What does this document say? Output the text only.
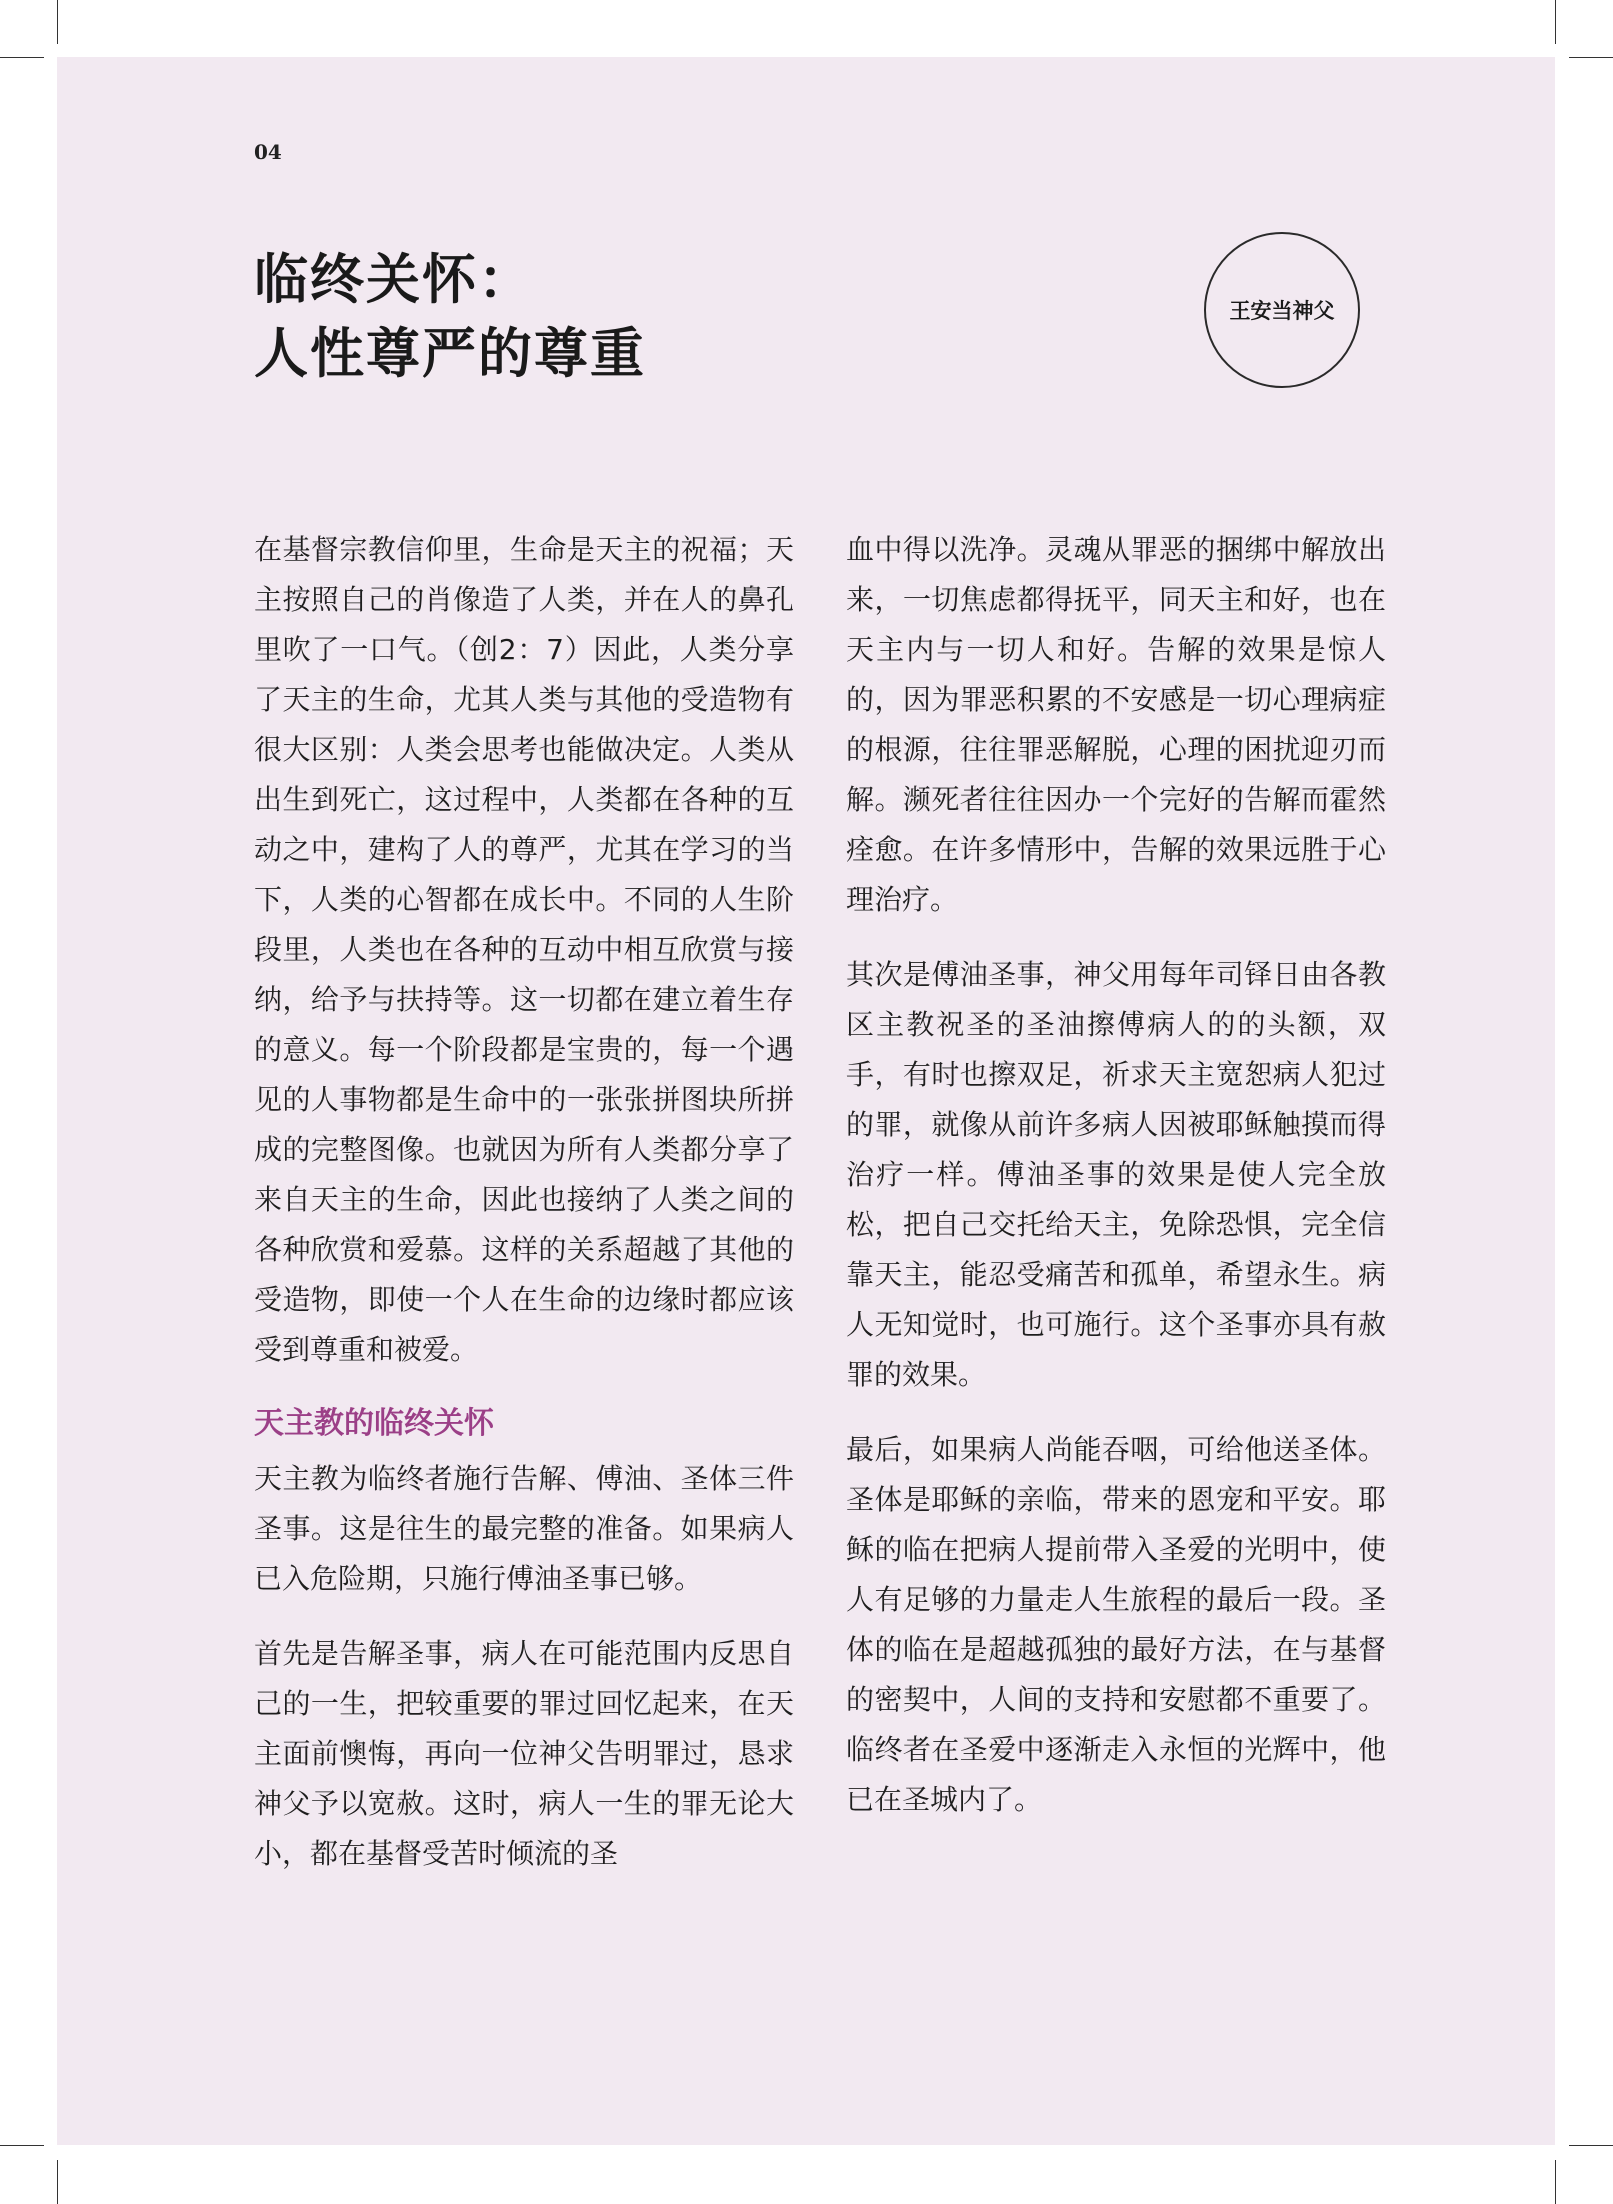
04
临终关怀：
人性尊严的尊重
王安当神父

在基督宗教信仰里，生命是天主的祝福；天主按照自己的肖像造了人类，并在人的鼻孔里吹了一口气。（创2：7）因此，人类分享了天主的生命，尤其人类与其他的受造物有很大区别：人类会思考也能做决定。人类从出生到死亡，这过程中，人类都在各种的互动之中，建构了人的尊严，尤其在学习的当下，人类的心智都在成长中。不同的人生阶段里，人类也在各种的互动中相互欣赏与接纳，给予与扶持等。这一切都在建立着生存的意义。每一个阶段都是宝贵的，每一个遇见的人事物都是生命中的一张张拼图块所拼成的完整图像。也就因为所有人类都分享了来自天主的生命，因此也接纳了人类之间的各种欣赏和爱慕。这样的关系超越了其他的受造物，即使一个人在生命的边缘时都应该受到尊重和被爱。

天主教的临终关怀

天主教为临终者施行告解、傅油、圣体三件圣事。这是往生的最完整的准备。如果病人已入危险期，只施行傅油圣事已够。

首先是告解圣事，病人在可能范围内反思自己的一生，把较重要的罪过回忆起来，在天主面前懊悔，再向一位神父告明罪过，恳求神父予以宽赦。这时，病人一生的罪无论大小，都在基督受苦时倾流的圣

血中得以洗净。灵魂从罪恶的捆绑中解放出来，一切焦虑都得抚平，同天主和好，也在天主内与一切人和好。告解的效果是惊人的，因为罪恶积累的不安感是一切心理病症的根源，往往罪恶解脱，心理的困扰迎刃而解。濒死者往往因办一个完好的告解而霍然痊愈。在许多情形中，告解的效果远胜于心理治疗。

其次是傅油圣事，神父用每年司铎日由各教区主教祝圣的圣油擦傅病人的的头额，双手，有时也擦双足，祈求天主宽恕病人犯过的罪，就像从前许多病人因被耶稣触摸而得治疗一样。傅油圣事的效果是使人完全放松，把自己交托给天主，免除恐惧，完全信靠天主，能忍受痛苦和孤单，希望永生。病人无知觉时，也可施行。这个圣事亦具有赦罪的效果。

最后，如果病人尚能吞咽，可给他送圣体。圣体是耶稣的亲临，带来的恩宠和平安。耶稣的临在把病人提前带入圣爱的光明中，使人有足够的力量走人生旅程的最后一段。圣体的临在是超越孤独的最好方法，在与基督的密契中，人间的支持和安慰都不重要了。临终者在圣爱中逐渐走入永恒的光辉中，他已在圣城内了。
